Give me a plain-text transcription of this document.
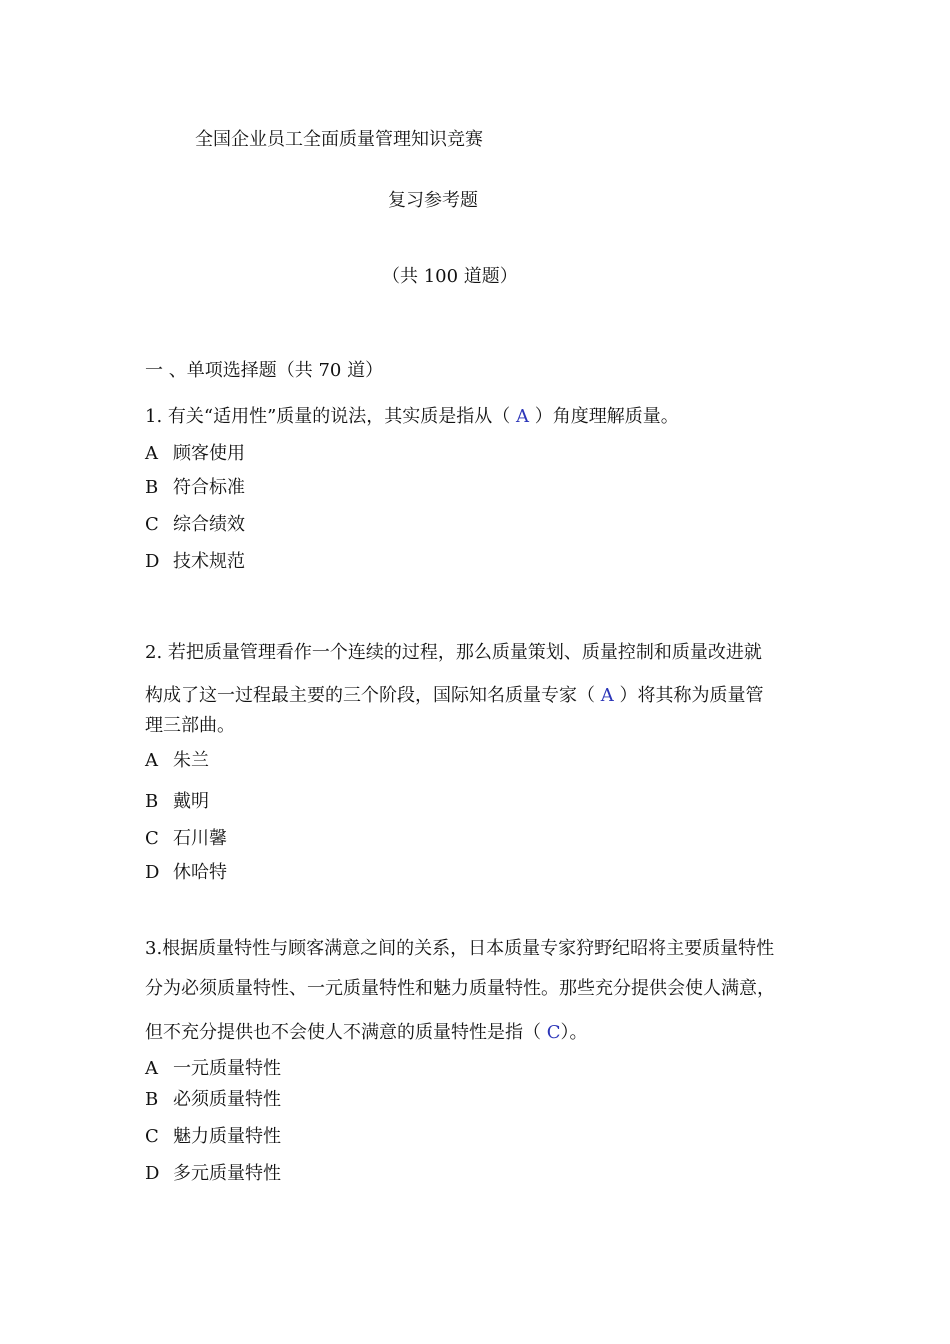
全国企业员工全面质量管理知识竞赛
复习参考题
（共 100 道题）
一 、单项选择题（共 70 道）
1. 有关“适用性”质量的说法，其实质是指从（ A ）角度理解质量。
A 顾客使用
B 符合标准
C 综合绩效
D 技术规范
2. 若把质量管理看作一个连续的过程，那么质量策划、质量控制和质量改进就
构成了这一过程最主要的三个阶段，国际知名质量专家（ A ）将其称为质量管
理三部曲。
A 朱兰
B 戴明
C 石川馨
D 休哈特
3.根据质量特性与顾客满意之间的关系，日本质量专家狩野纪昭将主要质量特性
分为必须质量特性、一元质量特性和魅力质量特性。那些充分提供会使人满意，
但不充分提供也不会使人不满意的质量特性是指（ C）。
A 一元质量特性
B 必须质量特性
C 魅力质量特性
D 多元质量特性
